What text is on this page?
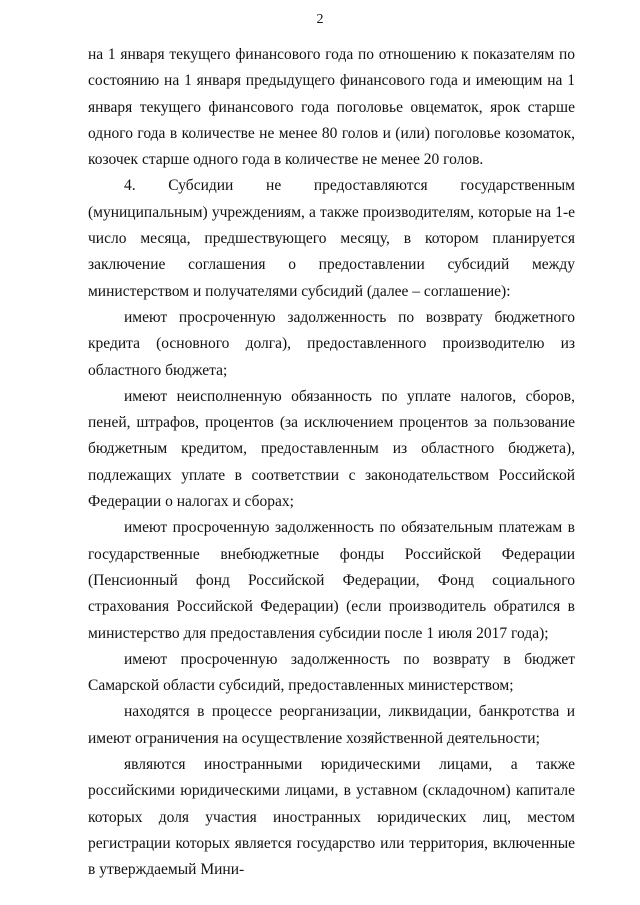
2

на 1 января текущего финансового года по отношению к показателям по состоянию на 1 января предыдущего финансового года и имеющим на 1 января текущего финансового года поголовье овцематок, ярок старше одного года в количестве не менее 80 голов и (или) поголовье козоматок, козочек старше одного года в количестве не менее 20 голов.

4. Субсидии не предоставляются государственным (муниципальным) учреждениям, а также производителям, которые на 1-е число месяца, предшествующего месяцу, в котором планируется заключение соглашения о предоставлении субсидий между министерством и получателями субсидий (далее – соглашение):

имеют просроченную задолженность по возврату бюджетного кредита (основного долга), предоставленного производителю из областного бюджета;

имеют неисполненную обязанность по уплате налогов, сборов, пеней, штрафов, процентов (за исключением процентов за пользование бюджетным кредитом, предоставленным из областного бюджета), подлежащих уплате в соответствии с законодательством Российской Федерации о налогах и сборах;

имеют просроченную задолженность по обязательным платежам в государственные внебюджетные фонды Российской Федерации (Пенсионный фонд Российской Федерации, Фонд социального страхования Российской Федерации) (если производитель обратился в министерство для предоставления субсидии после 1 июля 2017 года);

имеют просроченную задолженность по возврату в бюджет Самарской области субсидий, предоставленных министерством;

находятся в процессе реорганизации, ликвидации, банкротства и имеют ограничения на осуществление хозяйственной деятельности;

являются иностранными юридическими лицами, а также российскими юридическими лицами, в уставном (складочном) капитале которых доля участия иностранных юридических лиц, местом регистрации которых является государство или территория, включенные в утверждаемый Мини-
